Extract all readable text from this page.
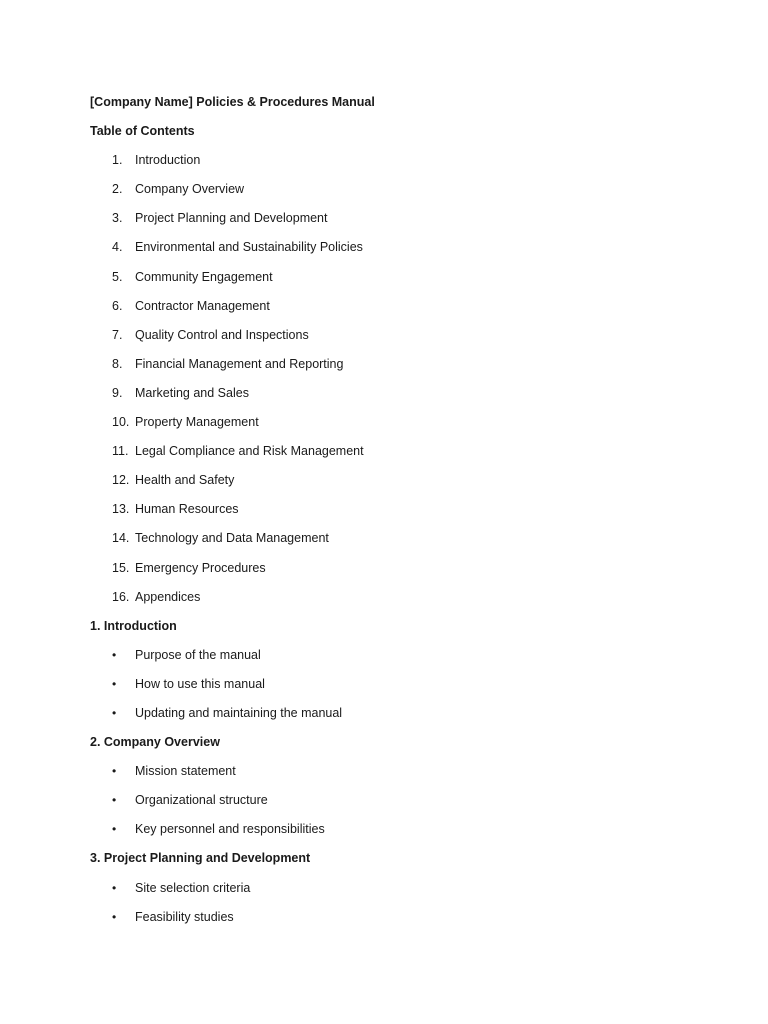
[Company Name] Policies & Procedures Manual
Table of Contents
1.	Introduction
2.	Company Overview
3.	Project Planning and Development
4.	Environmental and Sustainability Policies
5.	Community Engagement
6.	Contractor Management
7.	Quality Control and Inspections
8.	Financial Management and Reporting
9.	Marketing and Sales
10. Property Management
11. Legal Compliance and Risk Management
12. Health and Safety
13. Human Resources
14. Technology and Data Management
15. Emergency Procedures
16. Appendices
1. Introduction
•	Purpose of the manual
•	How to use this manual
•	Updating and maintaining the manual
2. Company Overview
•	Mission statement
•	Organizational structure
•	Key personnel and responsibilities
3. Project Planning and Development
•	Site selection criteria
•	Feasibility studies
